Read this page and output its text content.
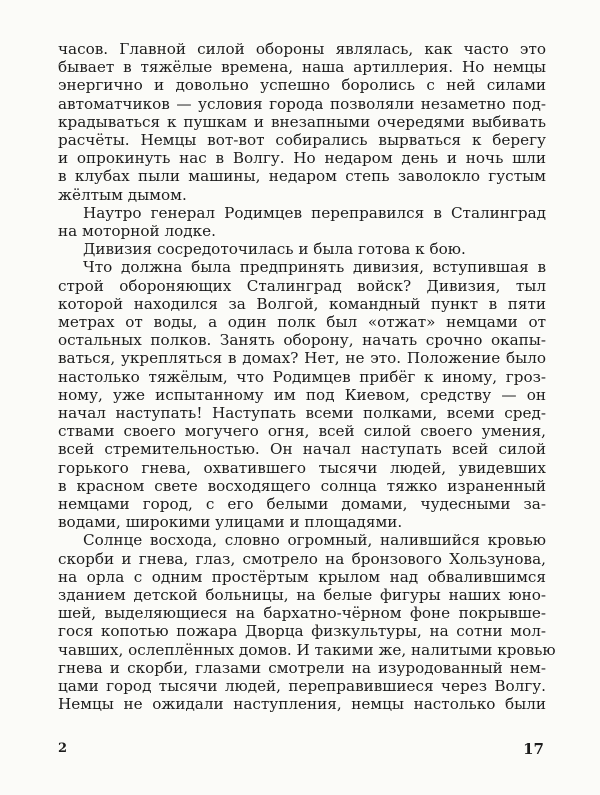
часов. Главной силой обороны являлась, как часто это
бывает в тяжёлые времена, наша артиллерия. Но немцы
энергично и довольно успешно боролись с ней силами
автоматчиков — условия города позволяли незаметно под-
крадываться к пушкам и внезапными очередями выбивать
расчёты. Немцы вот-вот собирались вырваться к берегу
и опрокинуть нас в Волгу. Но недаром день и ночь шли
в клубах пыли машины, недаром степь заволокло густым
жёлтым дымом.
Наутро генерал Родимцев переправился в Сталинград
на моторной лодке.
Дивизия сосредоточилась и была готова к бою.
Что должна была предпринять дивизия, вступившая в
строй обороняющих Сталинград войск? Дивизия, тыл
которой находился за Волгой, командный пункт в пяти
метрах от воды, а один полк был «отжат» немцами от
остальных полков. Занять оборону, начать срочно окапы-
ваться, укрепляться в домах? Нет, не это. Положение было
настолько тяжёлым, что Родимцев прибёг к иному, гроз-
ному, уже испытанному им под Киевом, средству — он
начал наступать! Наступать всеми полками, всеми сред-
ствами своего могучего огня, всей силой своего умения,
всей стремительностью. Он начал наступать всей силой
горького гнева, охватившего тысячи людей, увидевших
в красном свете восходящего солнца тяжко израненный
немцами город, с его белыми домами, чудесными за-
водами, широкими улицами и площадями.
Солнце восхода, словно огромный, налившийся кровью
скорби и гнева, глаз, смотрело на бронзового Хользунова,
на орла с одним простёртым крылом над обвалившимся
зданием детской больницы, на белые фигуры наших юно-
шей, выделяющиеся на бархатно-чёрном фоне покрывше-
гося копотью пожара Дворца физкультуры, на сотни мол-
чавших, ослеплённых домов. И такими же, налитыми кровью
гнева и скорби, глазами смотрели на изуродованный нем-
цами город тысячи людей, переправившиеся через Волгу.
Немцы не ожидали наступления, немцы настолько были
2	17
